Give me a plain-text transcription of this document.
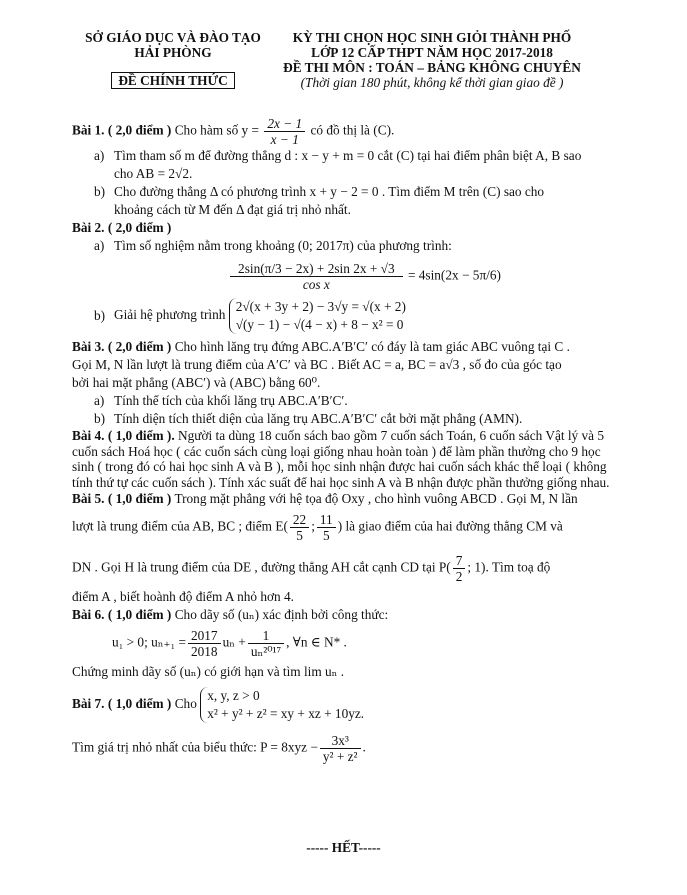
SỞ GIÁO DỤC VÀ ĐÀO TẠO
HẢI PHÒNG
ĐỀ CHÍNH THỨC
KỲ THI CHỌN HỌC SINH GIỎI THÀNH PHỐ
LỚP 12 CẤP THPT NĂM HỌC 2017-2018
ĐỀ THI MÔN : TOÁN – BẢNG KHÔNG CHUYÊN
(Thời gian 180 phút, không kể thời gian giao đề )

Bài 1. ( 2,0 điểm ) Cho hàm số $y = \frac{2x - 1}{x - 1}$ có đồ thị là (C).

a) Tìm tham số m để đường thẳng d : x − y + m = 0 cắt (C) tại hai điểm phân biệt A, B sao
cho AB = 2√2.
b) Cho đường thẳng Δ có phương trình x + y − 2 = 0 . Tìm điểm M trên (C) sao cho
khoảng cách từ M đến Δ đạt giá trị nhỏ nhất.

Bài 2. ( 2,0 điểm )

a) Tìm số nghiệm nằm trong khoảng (0; 2017π) của phương trình:
$\frac{2\sin(\pi/3 - 2x) + 2\sin 2x + √3}{\text{cos x}} = 4\sin(2x - 5\pi/6)$
b) Giải hệ phương trình
2√(x + 3y + 2) − 3√y = √(x + 2)
√(y − 1) − √(4 − x) + 8 − x² = 0

Bài 3. ( 2,0 điểm ) Cho hình lăng trụ đứng ABC.A′B′C′ có đáy là tam giác ABC vuông tại C .

Gọi M, N lần lượt là trung điểm của A′C′ và BC . Biết AC = a, BC = a√3 , số đo của góc tạo

bởi hai mặt phẳng (ABC′) và (ABC) bằng 60⁰.

a) Tính thể tích của khối lăng trụ ABC.A′B′C′.
b) Tính diện tích thiết diện của lăng trụ ABC.A′B′C′ cắt bởi mặt phẳng (AMN).

Bài 4. ( 1,0 điểm ). Người ta dùng 18 cuốn sách bao gồm 7 cuốn sách Toán, 6 cuốn sách Vật lý và 5 cuốn sách Hoá học ( các cuốn sách cùng loại giống nhau hoàn toàn ) để làm phần thưởng cho 9 học sinh ( trong đó có hai học sinh A và B ), mỗi học sinh nhận được hai cuốn sách khác thể loại ( không tính thứ tự các cuốn sách ). Tính xác suất để hai học sinh A và B nhận được phần thưởng giống nhau.

Bài 5. ( 1,0 điểm ) Trong mặt phẳng với hệ tọa độ Oxy , cho hình vuông ABCD . Gọi M, N lần

lượt là trung điểm của AB, BC ; điểm $E( \frac{22}{5}$ ; $\frac{11}{5}$ ) là giao điểm của hai đường thẳng CM và

DN . Gọi H là trung điểm của DE , đường thẳng AH cắt cạnh CD tại $P( \frac{7}{2}$ ; 1). Tìm toạ độ

điểm A , biết hoành độ điểm A nhỏ hơn 4.

Bài 6. ( 1,0 điểm ) Cho dãy số (uₙ) xác định bởi công thức:

u₁ > 0; $u_{n+1} = \frac{2017}{2018}$ $u_n + \frac{1}{\text{uₙ²⁰¹⁷}}$ , ∀n ∈ N* .

Chứng minh dãy số (uₙ) có giới hạn và tìm lim uₙ .

Bài 7. ( 1,0 điểm ) Cho
x, y, z > 0
x² + y² + z² = xy + xz + 10yz.

Tìm giá trị nhỏ nhất của biểu thức: $P = 8xyz - \frac{\text{3x³}}{\text{y² + z²}}$ .

----- HẾT-----
